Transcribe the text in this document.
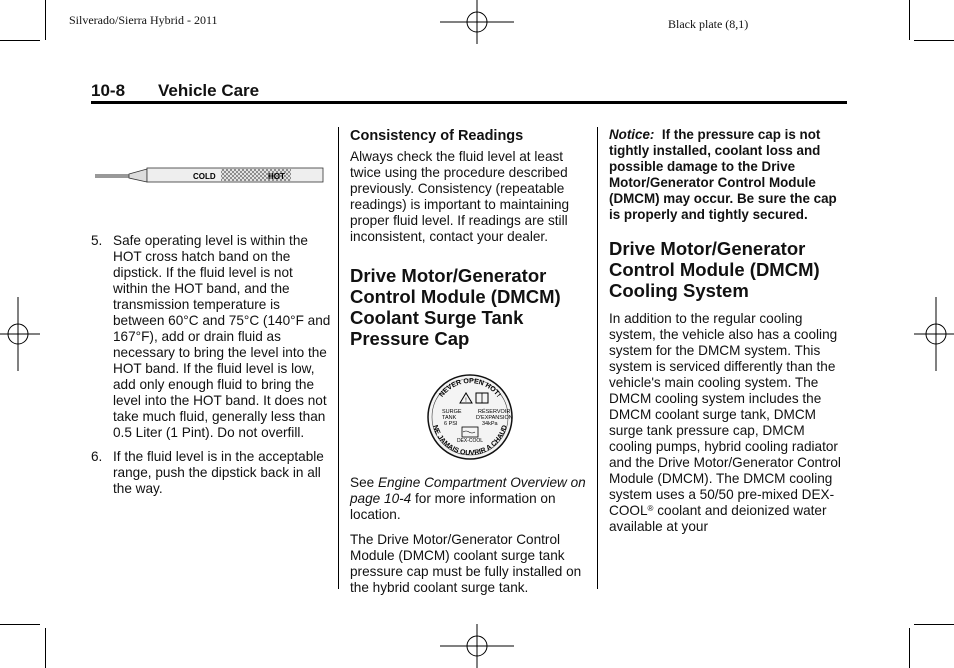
Silverado/Sierra Hybrid - 2011	Black plate (8,1)
10-8 Vehicle Care
COLD	HOT
5. Safe operating level is within the HOT cross hatch band on the dipstick. If the fluid level is not within the HOT band, and the transmission temperature is between 60°C and 75°C (140°F and 167°F), add or drain fluid as necessary to bring the level into the HOT band. If the fluid level is low, add only enough fluid to bring the level into the HOT band. It does not take much fluid, generally less than 0.5 Liter (1 Pint). Do not overfill.
6. If the fluid level is in the acceptable range, push the dipstick back in all the way.
Consistency of Readings

Always check the fluid level at least twice using the procedure described previously. Consistency (repeatable readings) is important to maintaining proper fluid level. If readings are still inconsistent, contact your dealer.

Drive Motor/Generator Control Module (DMCM) Coolant Surge Tank Pressure Cap
NEVER OPEN HOT!
NE JAMAIS OUVRIR A CHAUD
!
SURGE
TANK
6 PSI
RÉSERVOIR
D'EXPANSION
34kPa
DEX-COOL

See Engine Compartment Overview on page 10-4 for more information on location.

The Drive Motor/Generator Control Module (DMCM) coolant surge tank pressure cap must be fully installed on the hybrid coolant surge tank.

Notice: If the pressure cap is not tightly installed, coolant loss and possible damage to the Drive Motor/Generator Control Module (DMCM) may occur. Be sure the cap is properly and tightly secured.
Drive Motor/Generator Control Module (DMCM) Cooling System

In addition to the regular cooling system, the vehicle also has a cooling system for the DMCM system. This system is serviced differently than the vehicle's main cooling system. The DMCM cooling system includes the DMCM coolant surge tank, DMCM surge tank pressure cap, DMCM cooling pumps, hybrid cooling radiator and the Drive Motor/Generator Control Module (DMCM). The DMCM cooling system uses a 50/50 pre-mixed DEX-COOL® coolant and deionized water available at your
